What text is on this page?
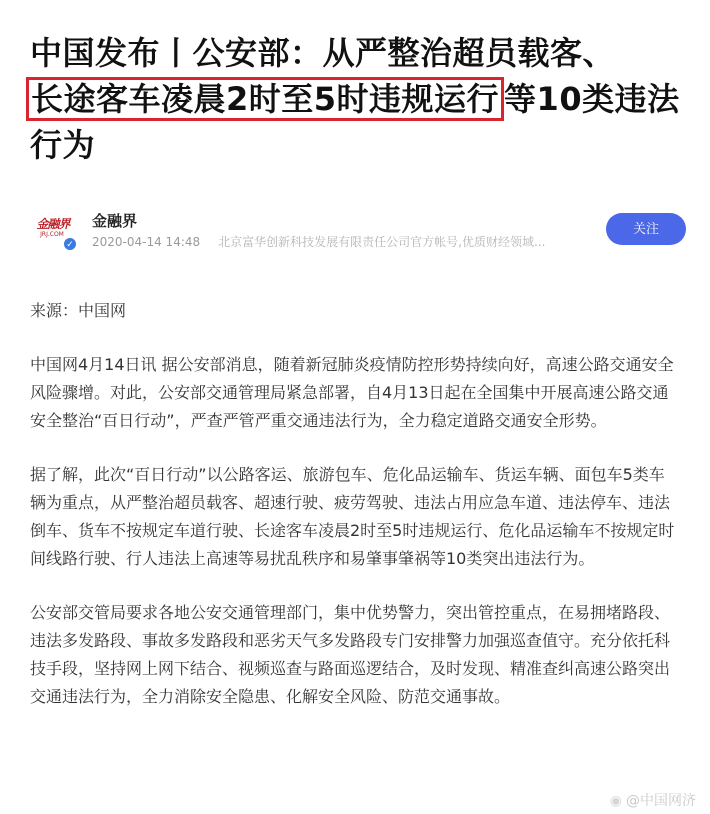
中国发布丨公安部：从严整治超员载客、
长途客车凌晨2时至5时违规运行 等10类违法行为
金融界
JRJ.COM
✓
金融界
2020-04-14 14:48 北京富华创新科技发展有限责任公司官方帐号,优质财经领域...
关注

来源：中国网

中国网4月14日讯 据公安部消息，随着新冠肺炎疫情防控形势持续向好，高速公路交通安全风险骤增。对此，公安部交通管理局紧急部署，自4月13日起在全国集中开展高速公路交通安全整治“百日行动”，严查严管严重交通违法行为，全力稳定道路交通安全形势。

据了解，此次“百日行动”以公路客运、旅游包车、危化品运输车、货运车辆、面包车5类车辆为重点，从严整治超员载客、超速行驶、疲劳驾驶、违法占用应急车道、违法停车、违法倒车、货车不按规定车道行驶、长途客车凌晨2时至5时违规运行、危化品运输车不按规定时间线路行驶、行人违法上高速等易扰乱秩序和易肇事肇祸等10类突出违法行为。

公安部交管局要求各地公安交通管理部门，集中优势警力，突出管控重点，在易拥堵路段、违法多发路段、事故多发路段和恶劣天气多发路段专门安排警力加强巡查值守。充分依托科技手段，坚持网上网下结合、视频巡查与路面巡逻结合，及时发现、精准查纠高速公路突出交通违法行为，全力消除安全隐患、化解安全风险、防范交通事故。

◉ @中国网济
